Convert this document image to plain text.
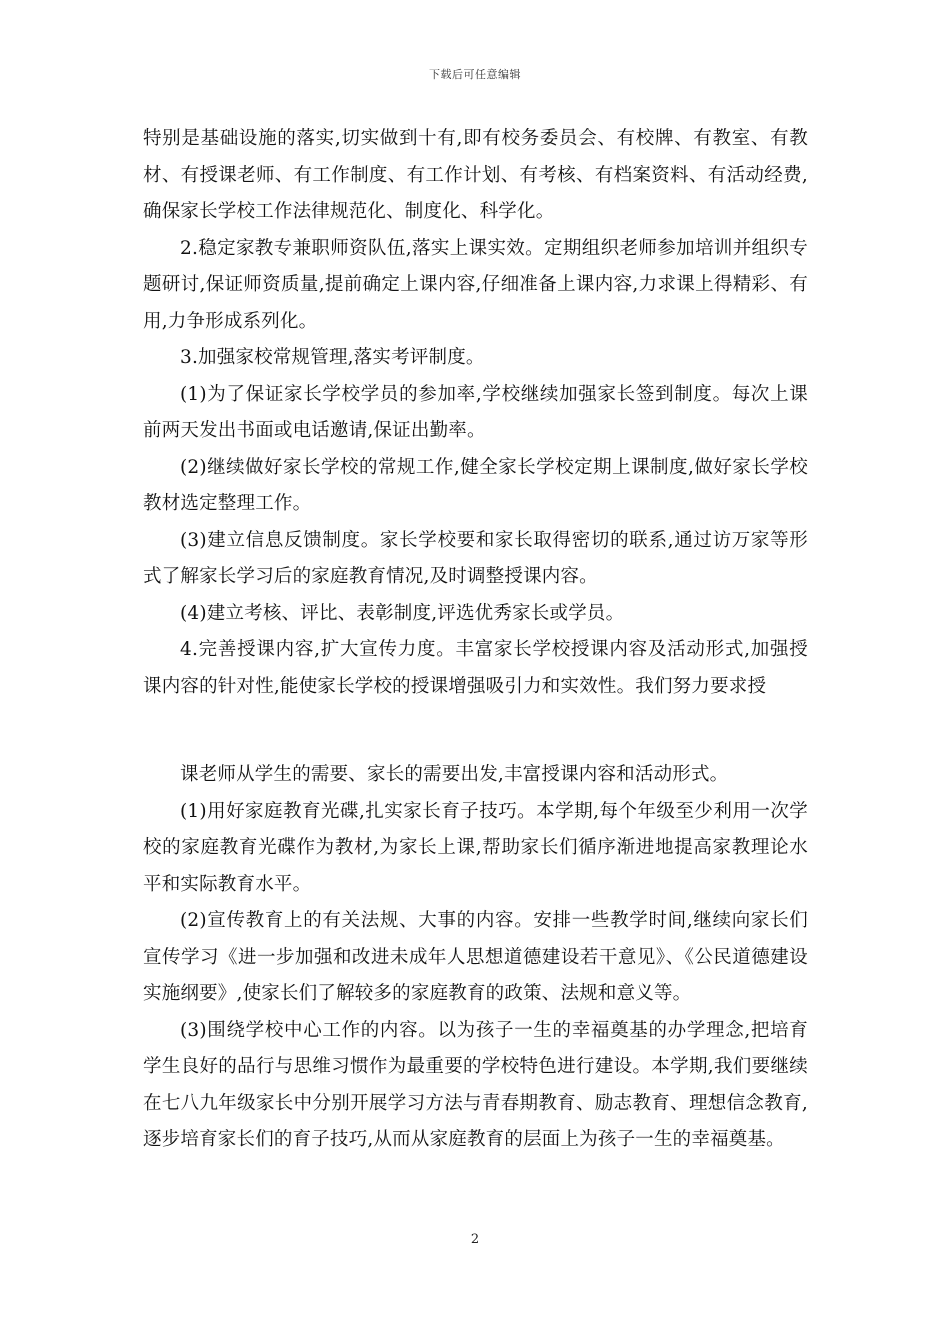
下载后可任意编辑

特别是基础设施的落实,切实做到十有,即有校务委员会、有校牌、有教室、有教材、有授课老师、有工作制度、有工作计划、有考核、有档案资料、有活动经费,确保家长学校工作法律规范化、制度化、科学化。

2.稳定家教专兼职师资队伍,落实上课实效。定期组织老师参加培训并组织专题研讨,保证师资质量,提前确定上课内容,仔细准备上课内容,力求课上得精彩、有用,力争形成系列化。

3.加强家校常规管理,落实考评制度。

(1)为了保证家长学校学员的参加率,学校继续加强家长签到制度。每次上课前两天发出书面或电话邀请,保证出勤率。

(2)继续做好家长学校的常规工作,健全家长学校定期上课制度,做好家长学校教材选定整理工作。

(3)建立信息反馈制度。家长学校要和家长取得密切的联系,通过访万家等形式了解家长学习后的家庭教育情况,及时调整授课内容。

(4)建立考核、评比、表彰制度,评选优秀家长或学员。

4.完善授课内容,扩大宣传力度。丰富家长学校授课内容及活动形式,加强授课内容的针对性,能使家长学校的授课增强吸引力和实效性。我们努力要求授

课老师从学生的需要、家长的需要出发,丰富授课内容和活动形式。

(1)用好家庭教育光碟,扎实家长育子技巧。本学期,每个年级至少利用一次学校的家庭教育光碟作为教材,为家长上课,帮助家长们循序渐进地提高家教理论水平和实际教育水平。

(2)宣传教育上的有关法规、大事的内容。安排一些教学时间,继续向家长们宣传学习《进一步加强和改进未成年人思想道德建设若干意见》、《公民道德建设实施纲要》,使家长们了解较多的家庭教育的政策、法规和意义等。

(3)围绕学校中心工作的内容。以为孩子一生的幸福奠基的办学理念,把培育学生良好的品行与思维习惯作为最重要的学校特色进行建设。本学期,我们要继续在七八九年级家长中分别开展学习方法与青春期教育、励志教育、理想信念教育,逐步培育家长们的育子技巧,从而从家庭教育的层面上为孩子一生的幸福奠基。

2
